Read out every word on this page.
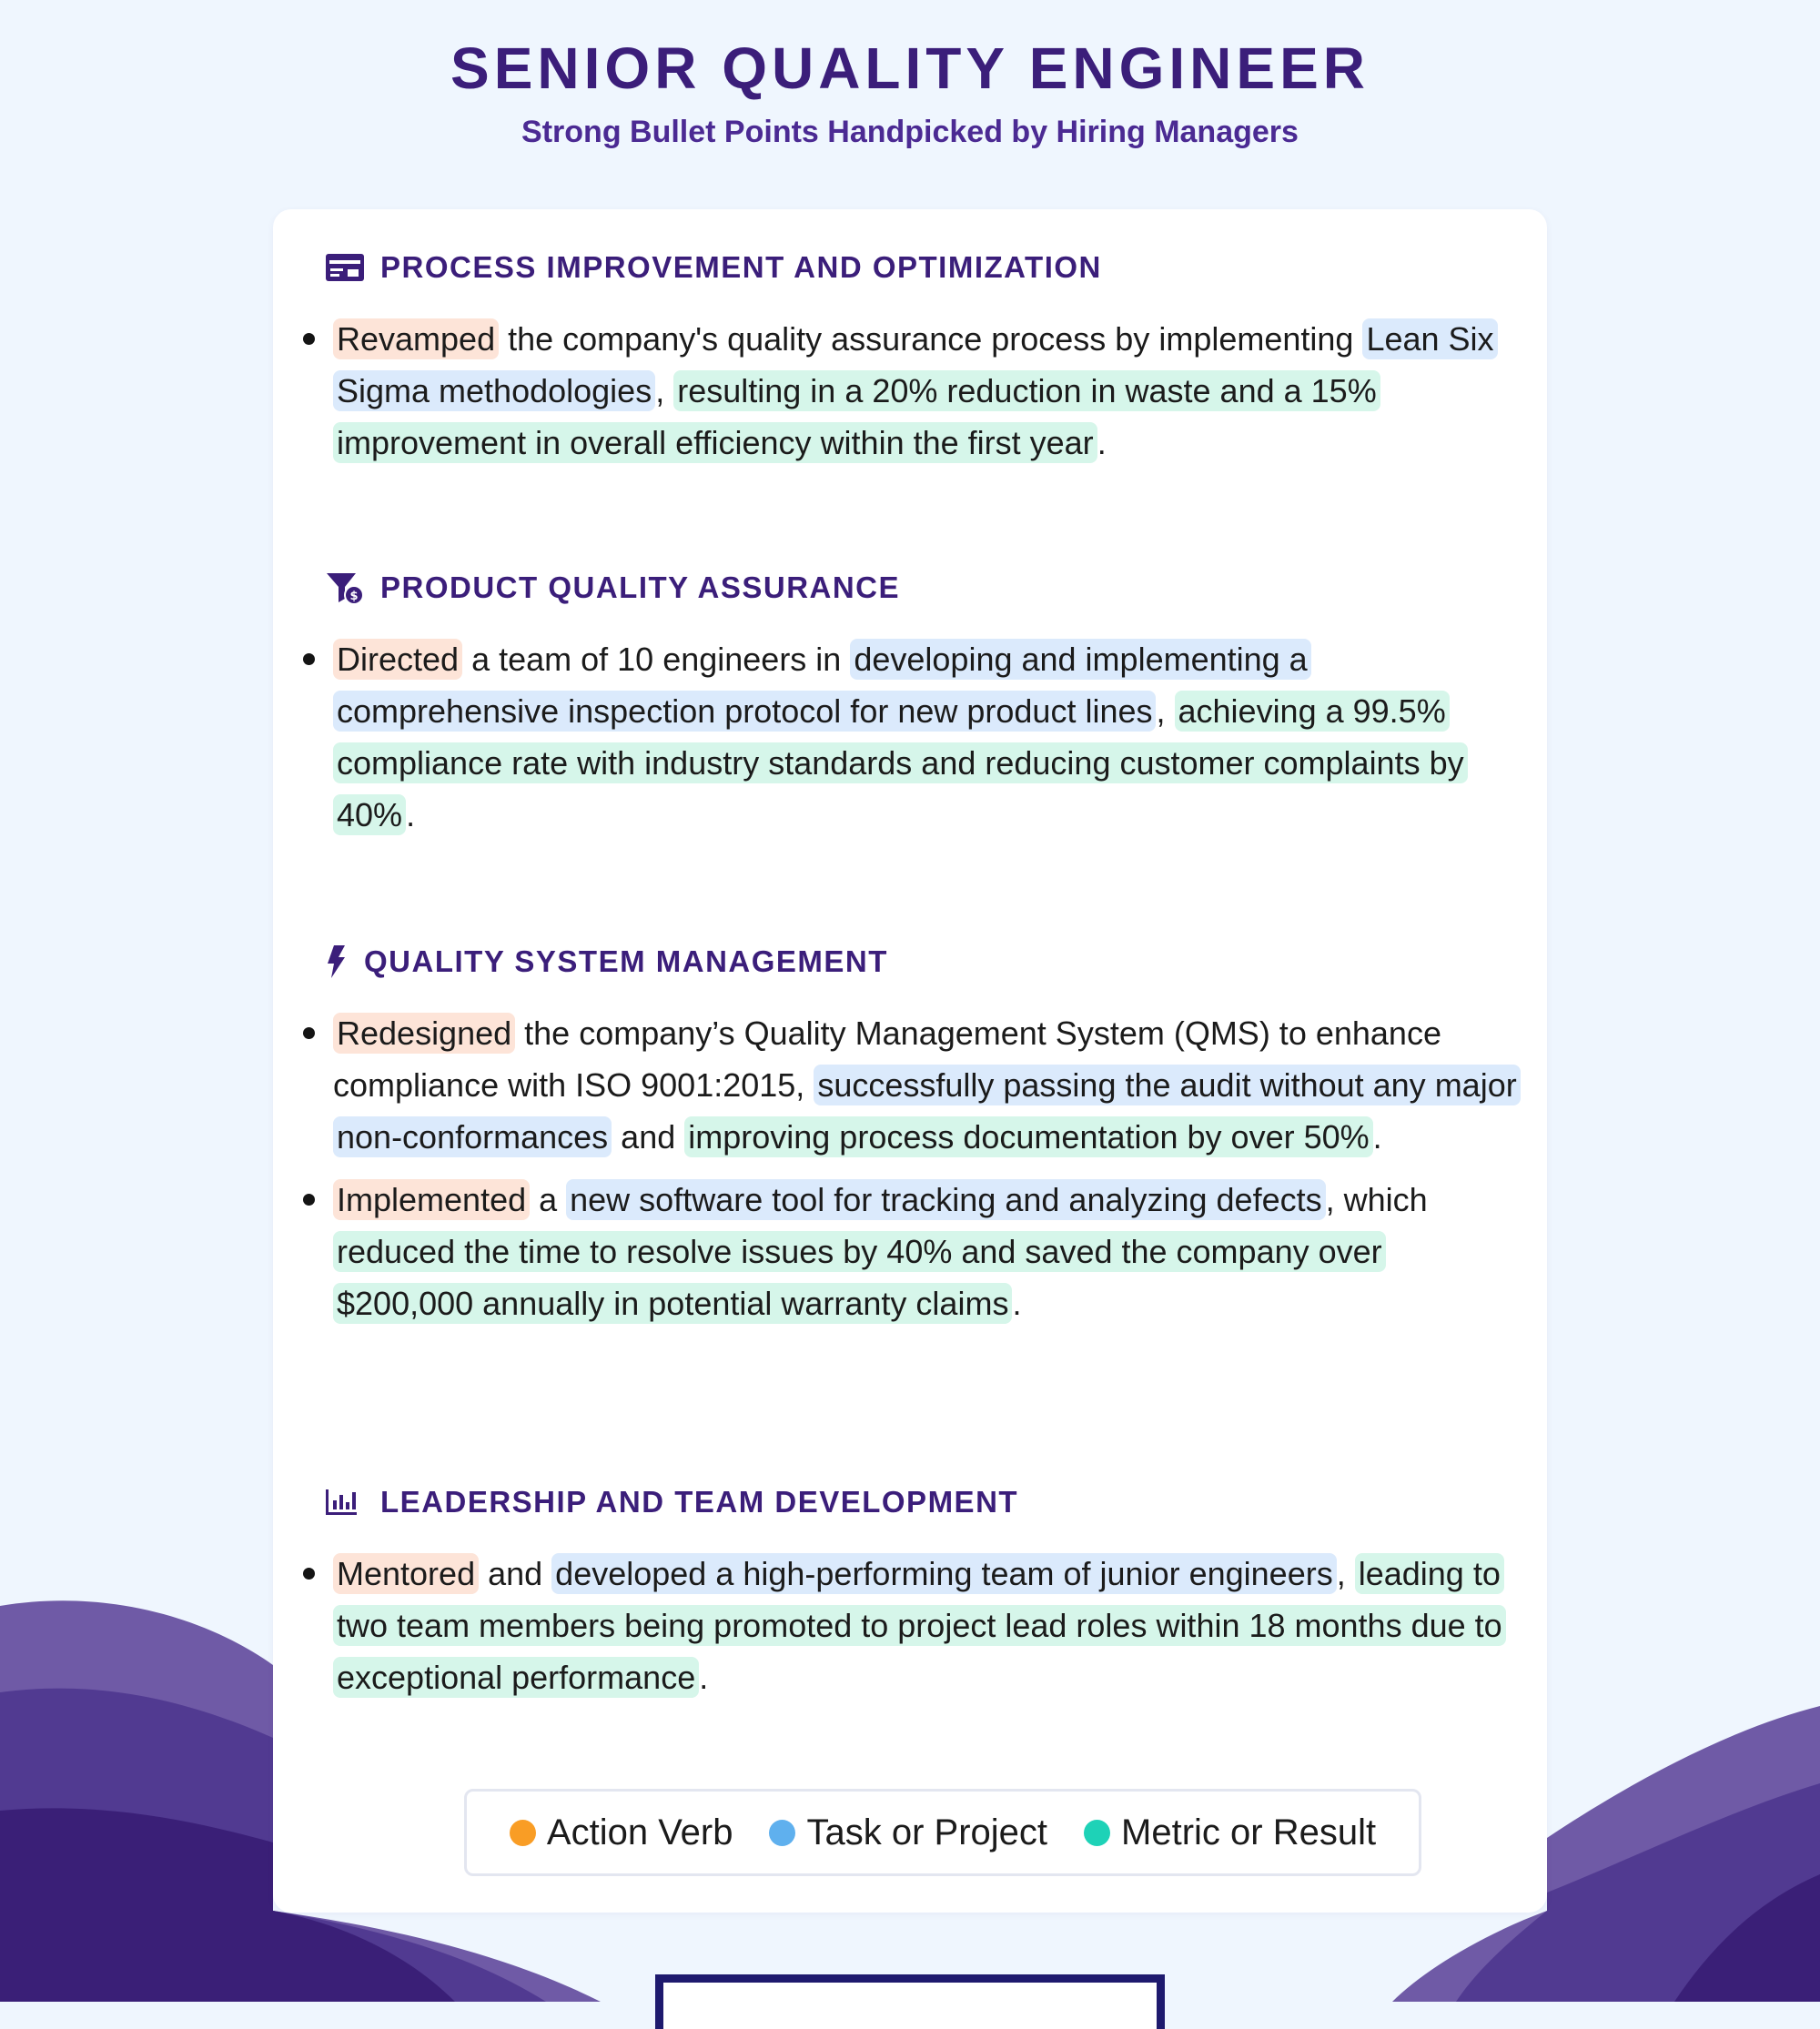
SENIOR QUALITY ENGINEER
Strong Bullet Points Handpicked by Hiring Managers
PROCESS IMPROVEMENT AND OPTIMIZATION
Revamped the company's quality assurance process by implementing Lean Six Sigma methodologies , resulting in a 20% reduction in waste and a 15% improvement in overall efficiency within the first year .
$ PRODUCT QUALITY ASSURANCE
Directed a team of 10 engineers in developing and implementing a comprehensive inspection protocol for new product lines , achieving a 99.5% compliance rate with industry standards and reducing customer complaints by 40% .
QUALITY SYSTEM MANAGEMENT
Redesigned the company’s Quality Management System (QMS) to enhance compliance with ISO 9001:2015, successfully passing the audit without any major non-conformances and improving process documentation by over 50% .
Implemented a new software tool for tracking and analyzing defects , which reduced the time to resolve issues by 40% and saved the company over $200,000 annually in potential warranty claims .
LEADERSHIP AND TEAM DEVELOPMENT
Mentored and developed a high-performing team of junior engineers , leading to two team members being promoted to project lead roles within 18 months due to exceptional performance .
Action Verb Task or Project Metric or Result
